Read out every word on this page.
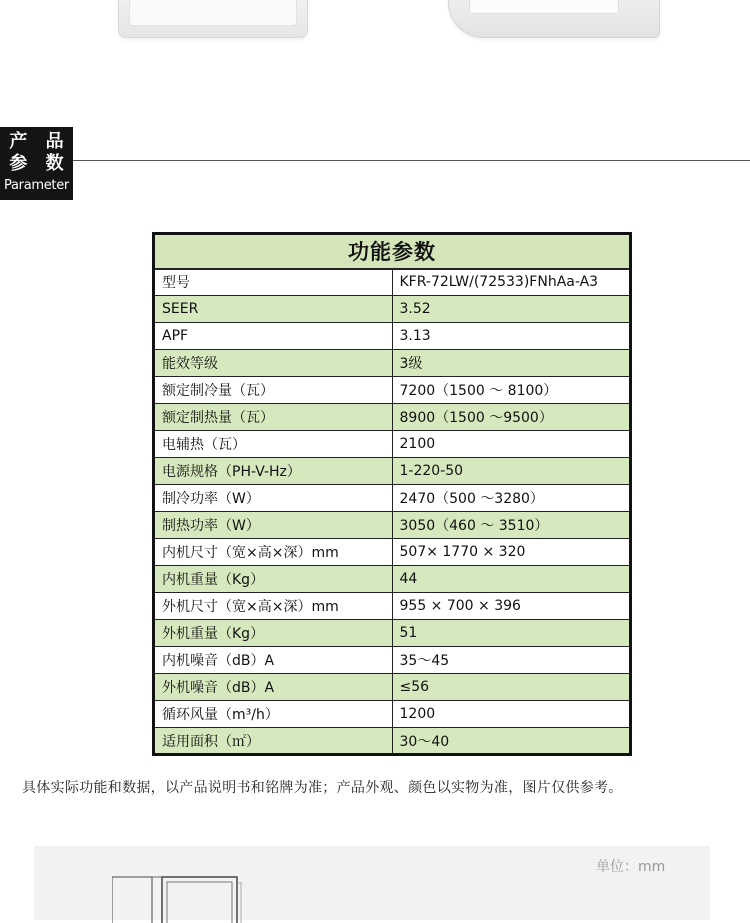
产 品
参 数
Parameter
功能参数	
型号	KFR-72LW/(72533)FNhAa-A3
SEER	3.52
APF	3.13
能效等级	3级
额定制冷量（瓦）	7200（1500 ～ 8100）
额定制热量（瓦）	8900（1500 ～9500）
电辅热（瓦）	2100
电源规格（PH-V-Hz）	1-220-50
制冷功率（W）	2470（500 ～3280）
制热功率（W）	3050（460 ～ 3510）
内机尺寸（宽×高×深）mm	507× 1770 × 320
内机重量（Kg）	44
外机尺寸（宽×高×深）mm	955 × 700 × 396
外机重量（Kg）	51
内机噪音（dB）A	35～45
外机噪音（dB）A	≤56
循环风量（m³/h）	1200
适用面积（㎡）	30～40
具体实际功能和数据，以产品说明书和铭牌为准；产品外观、颜色以实物为准，图片仅供参考。
单位：mm
